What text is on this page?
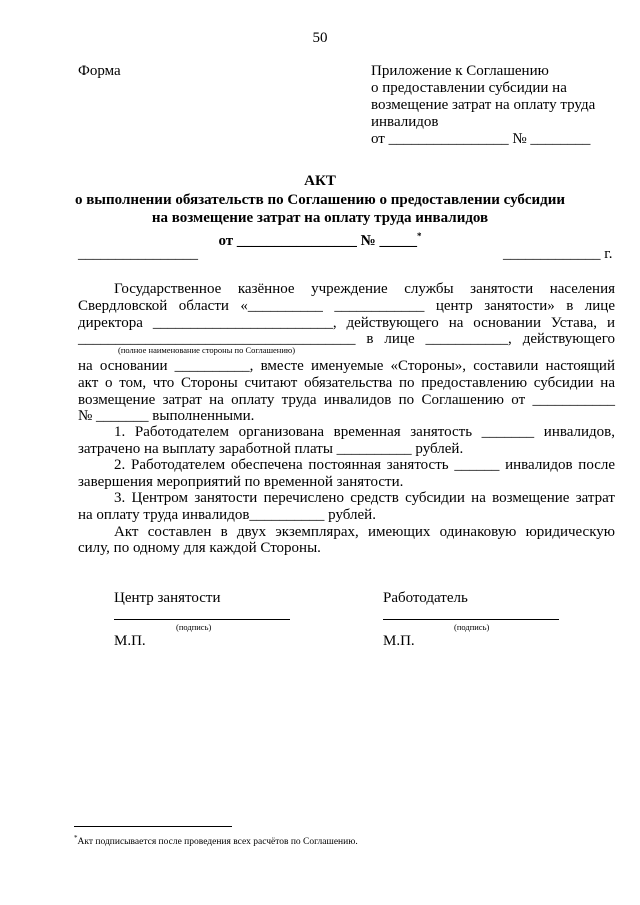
50
Форма	Приложение к Соглашению
о предоставлении субсидии на
возмещение затрат на оплату труда
инвалидов
от ________________ № ________
АКТ
о выполнении обязательств по Соглашению о предоставлении субсидии
на возмещение затрат на оплату труда инвалидов
от ________________ № _____*
________________	_____________ г.
Государственное казённое учреждение службы занятости населения
Свердловской области «__________ ____________ центр занятости» в лице
директора ________________________, действующего на основании Устава, и
_____________________________________ в лице ___________, действующего
(полное наименование стороны по Соглашению)
на основании __________, вместе именуемые «Стороны», составили настоящий
акт о том, что Стороны считают обязательства по предоставлению субсидии на
возмещение затрат на оплату труда инвалидов по Соглашению от ___________
№ _______ выполненными.
1. Работодателем организована временная занятость _______ инвалидов,
затрачено на выплату заработной платы __________ рублей.
2. Работодателем обеспечена постоянная занятость ______ инвалидов после
завершения мероприятий по временной занятости.
3. Центром занятости перечислено средств субсидии на возмещение затрат
на оплату труда инвалидов__________ рублей.
Акт составлен в двух экземплярах, имеющих одинаковую юридическую
силу, по одному для каждой Стороны.
Центр занятости	Работодатель
(подпись)	(подпись)
М.П.	М.П.
*Акт подписывается после проведения всех расчётов по Соглашению.
